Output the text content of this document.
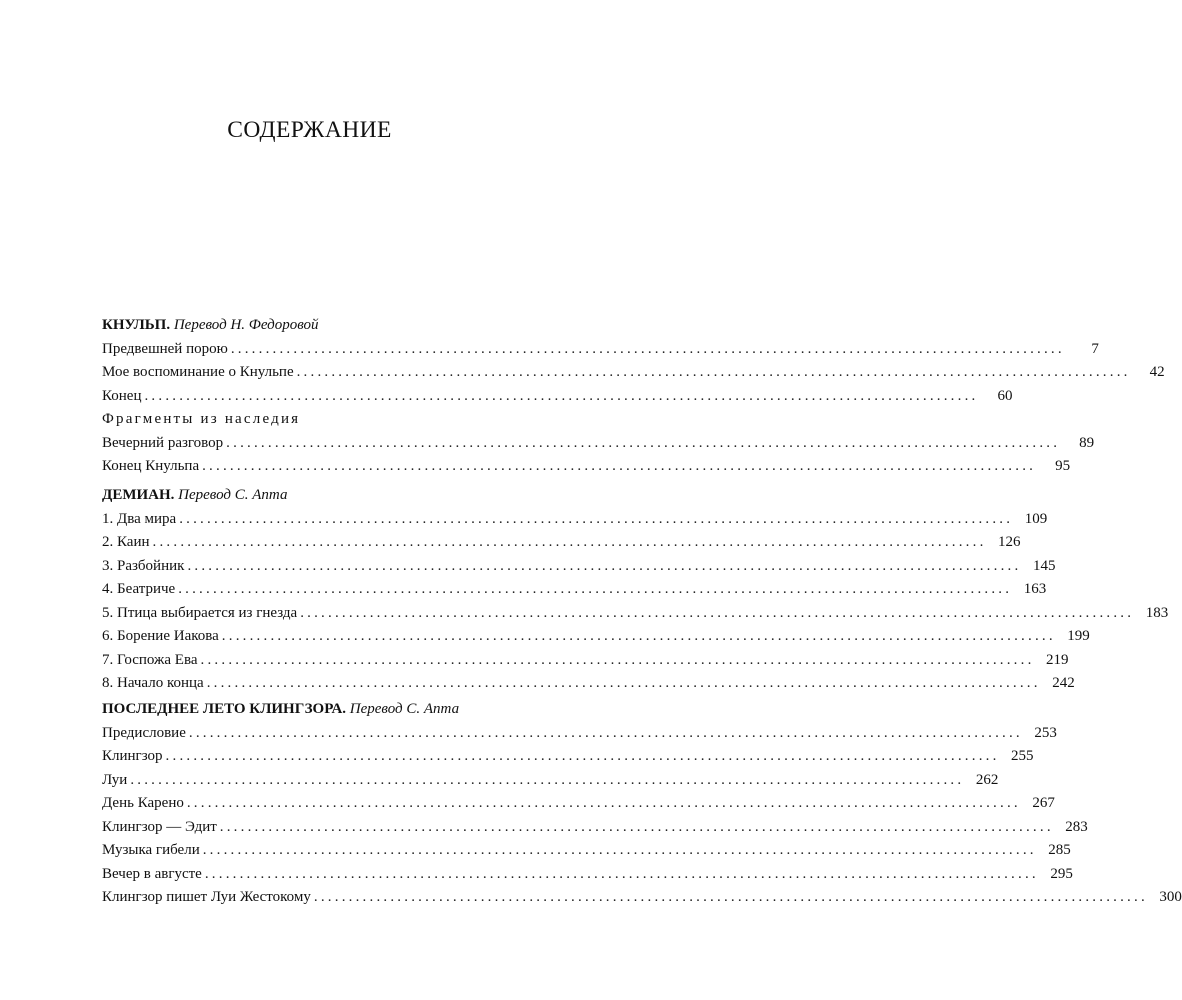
СОДЕРЖАНИЕ
КНУЛЬП. Перевод Н. Федоровой
Предвешней порою ........................................................................................................................	7
Мое воспоминание о Кнульпе ........................................................................................................................	42
Конец ........................................................................................................................	60
Фрагменты из наследия
Вечерний разговор ........................................................................................................................	89
Конец Кнульпа ........................................................................................................................	95
ДЕМИАН. Перевод С. Апта
1. Два мира ........................................................................................................................ 109
2. Каин ........................................................................................................................ 126
3. Разбойник ........................................................................................................................ 145
4. Беатриче ........................................................................................................................ 163
5. Птица выбирается из гнезда ........................................................................................................................ 183
6. Борение Иакова ........................................................................................................................ 199
7. Госпожа Ева ........................................................................................................................ 219
8. Начало конца ........................................................................................................................ 242
ПОСЛЕДНЕЕ ЛЕТО КЛИНГЗОРА. Перевод С. Апта
Предисловие ........................................................................................................................ 253
Клингзор ........................................................................................................................ 255
Луи ........................................................................................................................ 262
День Карено ........................................................................................................................ 267
Клингзор — Эдит ........................................................................................................................ 283
Музыка гибели ........................................................................................................................ 285
Вечер в августе ........................................................................................................................ 295
Клингзор пишет Луи Жестокому ........................................................................................................................ 300
